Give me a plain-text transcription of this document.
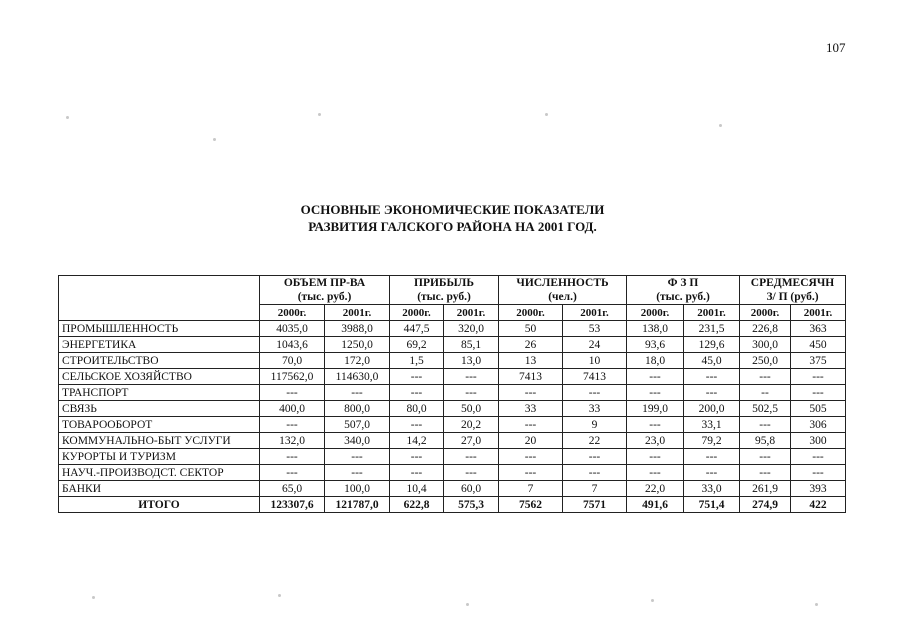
107
ОСНОВНЫЕ ЭКОНОМИЧЕСКИЕ ПОКАЗАТЕЛИ
РАЗВИТИЯ ГАЛСКОГО РАЙОНА НА 2001 ГОД.

	ОБЪЕМ ПР-ВА
(тыс. руб.)		ПРИБЫЛЬ
(тыс. руб.)		ЧИСЛЕННОСТЬ
(чел.)		Ф З П
(тыс. руб.)		СРЕДМЕСЯЧН
З/ П (руб.)	

	2000г.	2001г.	2000г.	2001г.	2000г.	2001г.	2000г.	2001г.	2000г.	2001г.
ПРОМЫШЛЕННОСТЬ	4035,0	3988,0	447,5	320,0	50	53	138,0	231,5	226,8	363
ЭНЕРГЕТИКА	1043,6	1250,0	69,2	85,1	26	24	93,6	129,6	300,0	450
СТРОИТЕЛЬСТВО	70,0	172,0	1,5	13,0	13	10	18,0	45,0	250,0	375
СЕЛЬСКОЕ ХОЗЯЙСТВО	117562,0	114630,0	---	---	7413	7413	---	---	---	---
ТРАНСПОРТ	---	---	---	---	---	---	---	---	--	---
СВЯЗЬ	400,0	800,0	80,0	50,0	33	33	199,0	200,0	502,5	505
ТОВАРООБОРОТ	---	507,0	---	20,2	---	9	---	33,1	---	306
КОММУНАЛЬНО-БЫТ УСЛУГИ	132,0	340,0	14,2	27,0	20	22	23,0	79,2	95,8	300
КУРОРТЫ И ТУРИЗМ	---	---	---	---	---	---	---	---	---	---
НАУЧ.-ПРОИЗВОДСТ. СЕКТОР	---	---	---	---	---	---	---	---	---	---
БАНКИ	65,0	100,0	10,4	60,0	7	7	22,0	33,0	261,9	393
ИТОГО	123307,6	121787,0	622,8	575,3	7562	7571	491,6	751,4	274,9	422
